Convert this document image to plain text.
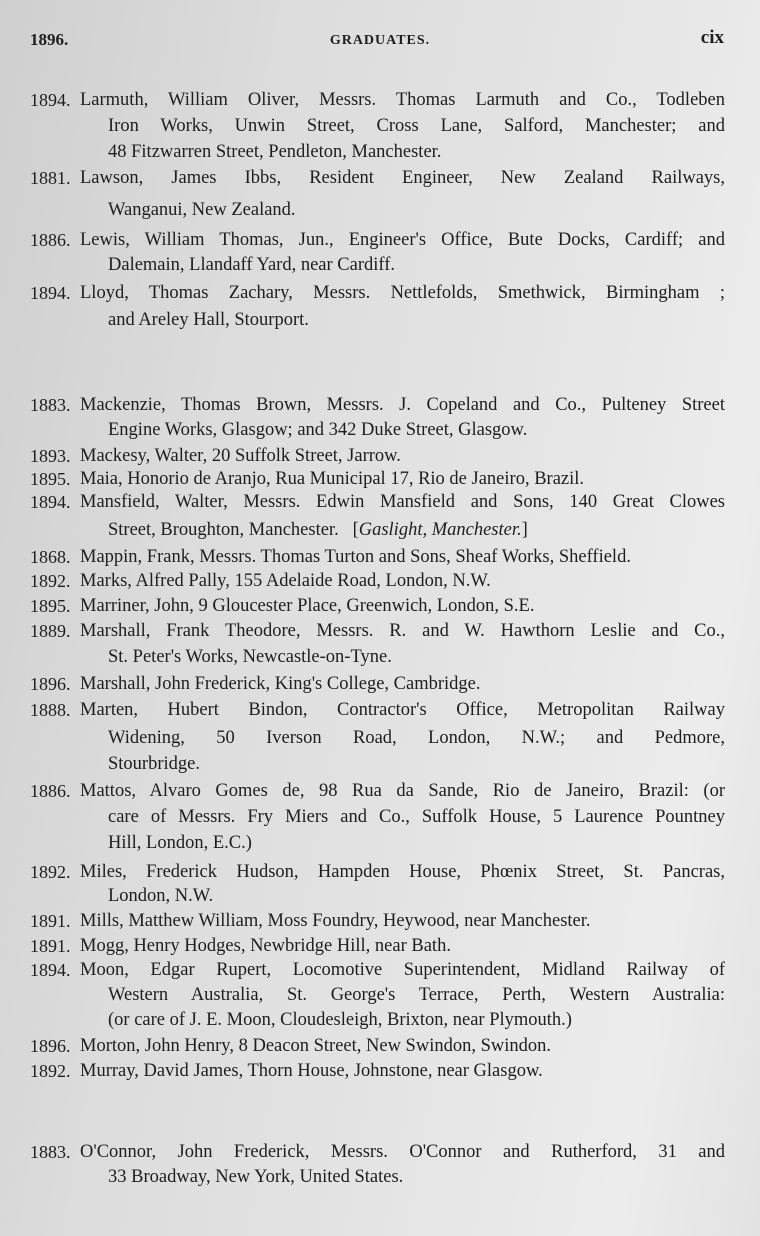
1896.	GRADUATES.	cix
1894. Larmuth, William Oliver, Messrs. Thomas Larmuth and Co., Todleben
Iron Works, Unwin Street, Cross Lane, Salford, Manchester; and
48 Fitzwarren Street, Pendleton, Manchester.
1881. Lawson, James Ibbs, Resident Engineer, New Zealand Railways,
Wanganui, New Zealand.
1886. Lewis, William Thomas, Jun., Engineer's Office, Bute Docks, Cardiff; and
Dalemain, Llandaff Yard, near Cardiff.
1894. Lloyd, Thomas Zachary, Messrs. Nettlefolds, Smethwick, Birmingham ;
and Areley Hall, Stourport.
1883. Mackenzie, Thomas Brown, Messrs. J. Copeland and Co., Pulteney Street
Engine Works, Glasgow; and 342 Duke Street, Glasgow.
1893. Mackesy, Walter, 20 Suffolk Street, Jarrow.
1895. Maia, Honorio de Aranjo, Rua Municipal 17, Rio de Janeiro, Brazil.
1894. Mansfield, Walter, Messrs. Edwin Mansfield and Sons, 140 Great Clowes
Street, Broughton, Manchester.   [Gaslight, Manchester.]
1868. Mappin, Frank, Messrs. Thomas Turton and Sons, Sheaf Works, Sheffield.
1892. Marks, Alfred Pally, 155 Adelaide Road, London, N.W.
1895. Marriner, John, 9 Gloucester Place, Greenwich, London, S.E.
1889. Marshall, Frank Theodore, Messrs. R. and W. Hawthorn Leslie and Co.,
St. Peter's Works, Newcastle-on-Tyne.
1896. Marshall, John Frederick, King's College, Cambridge.
1888. Marten, Hubert Bindon, Contractor's Office, Metropolitan Railway
Widening, 50 Iverson Road, London, N.W.; and Pedmore,
Stourbridge.
1886. Mattos, Alvaro Gomes de, 98 Rua da Sande, Rio de Janeiro, Brazil: (or
care of Messrs. Fry Miers and Co., Suffolk House, 5 Laurence Pountney
Hill, London, E.C.)
1892. Miles, Frederick Hudson, Hampden House, Phœnix Street, St. Pancras,
London, N.W.
1891. Mills, Matthew William, Moss Foundry, Heywood, near Manchester.
1891. Mogg, Henry Hodges, Newbridge Hill, near Bath.
1894. Moon, Edgar Rupert, Locomotive Superintendent, Midland Railway of
Western Australia, St. George's Terrace, Perth, Western Australia:
(or care of J. E. Moon, Cloudesleigh, Brixton, near Plymouth.)
1896. Morton, John Henry, 8 Deacon Street, New Swindon, Swindon.
1892. Murray, David James, Thorn House, Johnstone, near Glasgow.
1883. O'Connor, John Frederick, Messrs. O'Connor and Rutherford, 31 and
33 Broadway, New York, United States.
